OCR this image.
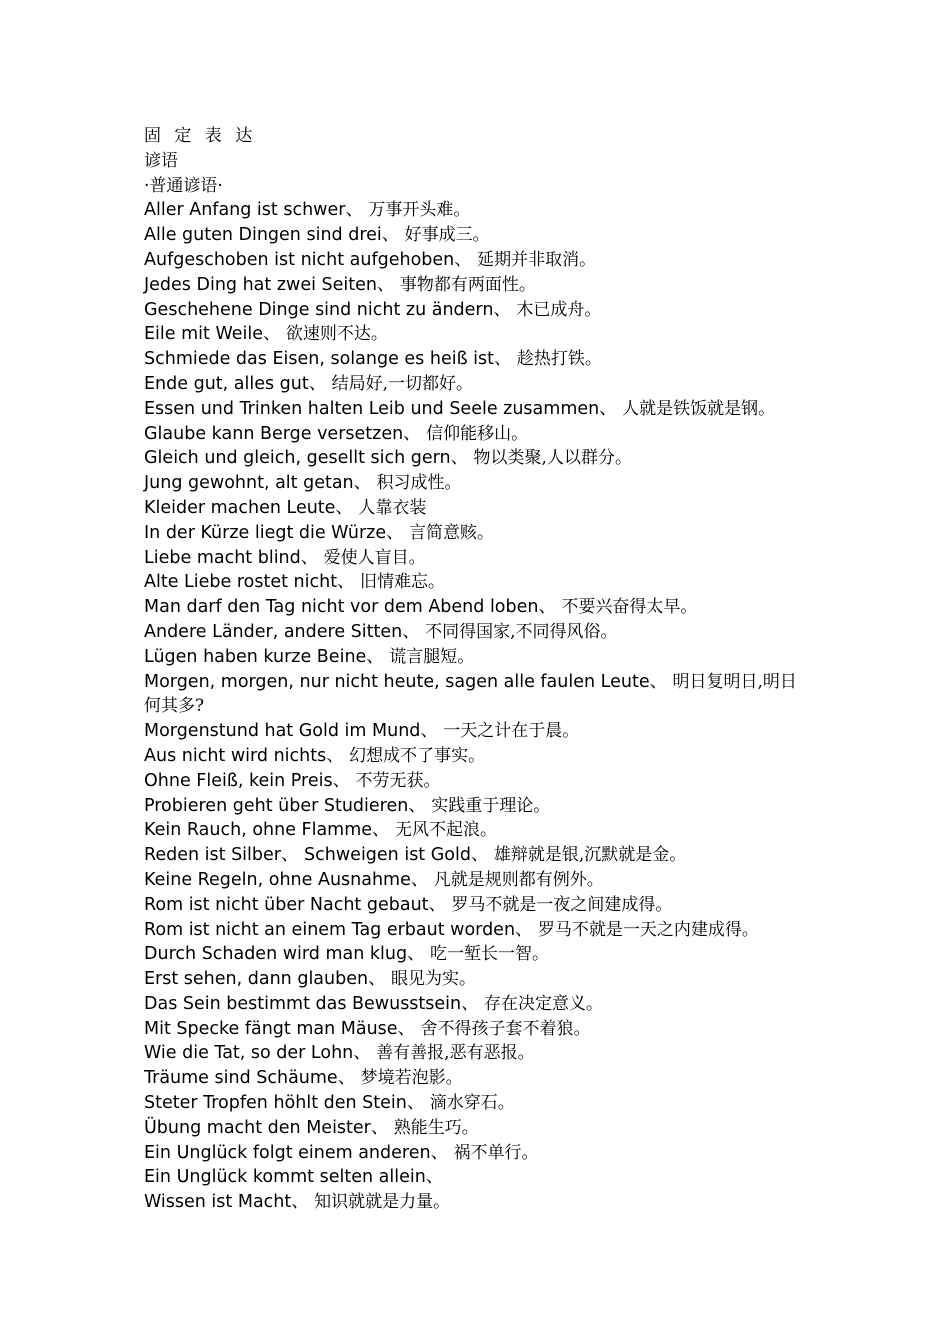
固 定 表 达
谚语
·普通谚语·
Aller Anfang ist schwer、 万事开头难。
Alle guten Dingen sind drei、 好事成三。
Aufgeschoben ist nicht aufgehoben、 延期并非取消。
Jedes Ding hat zwei Seiten、 事物都有两面性。
Geschehene Dinge sind nicht zu ändern、 木已成舟。
Eile mit Weile、 欲速则不达。
Schmiede das Eisen, solange es heiß ist、 趁热打铁。
Ende gut, alles gut、 结局好,一切都好。
Essen und Trinken halten Leib und Seele zusammen、 人就是铁饭就是钢。
Glaube kann Berge versetzen、 信仰能移山。
Gleich und gleich, gesellt sich gern、 物以类聚,人以群分。
Jung gewohnt, alt getan、 积习成性。
Kleider machen Leute、 人靠衣装
In der Kürze liegt die Würze、 言简意赅。
Liebe macht blind、 爱使人盲目。
Alte Liebe rostet nicht、 旧情难忘。
Man darf den Tag nicht vor dem Abend loben、 不要兴奋得太早。
Andere Länder, andere Sitten、 不同得国家,不同得风俗。
Lügen haben kurze Beine、 谎言腿短。
Morgen, morgen, nur nicht heute, sagen alle faulen Leute、 明日复明日,明日何其多?
Morgenstund hat Gold im Mund、 一天之计在于晨。
Aus nicht wird nichts、 幻想成不了事实。
Ohne Fleiß, kein Preis、 不劳无获。
Probieren geht über Studieren、 实践重于理论。
Kein Rauch, ohne Flamme、 无风不起浪。
Reden ist Silber、 Schweigen ist Gold、 雄辩就是银,沉默就是金。
Keine Regeln, ohne Ausnahme、 凡就是规则都有例外。
Rom ist nicht über Nacht gebaut、 罗马不就是一夜之间建成得。
Rom ist nicht an einem Tag erbaut worden、 罗马不就是一天之内建成得。
Durch Schaden wird man klug、 吃一堑长一智。
Erst sehen, dann glauben、 眼见为实。
Das Sein bestimmt das Bewusstsein、 存在决定意义。
Mit Specke fängt man Mäuse、 舍不得孩子套不着狼。
Wie die Tat, so der Lohn、 善有善报,恶有恶报。
Träume sind Schäume、 梦境若泡影。
Steter Tropfen höhlt den Stein、 滴水穿石。
Übung macht den Meister、 熟能生巧。
Ein Unglück folgt einem anderen、 祸不单行。
Ein Unglück kommt selten allein、
Wissen ist Macht、 知识就就是力量。
